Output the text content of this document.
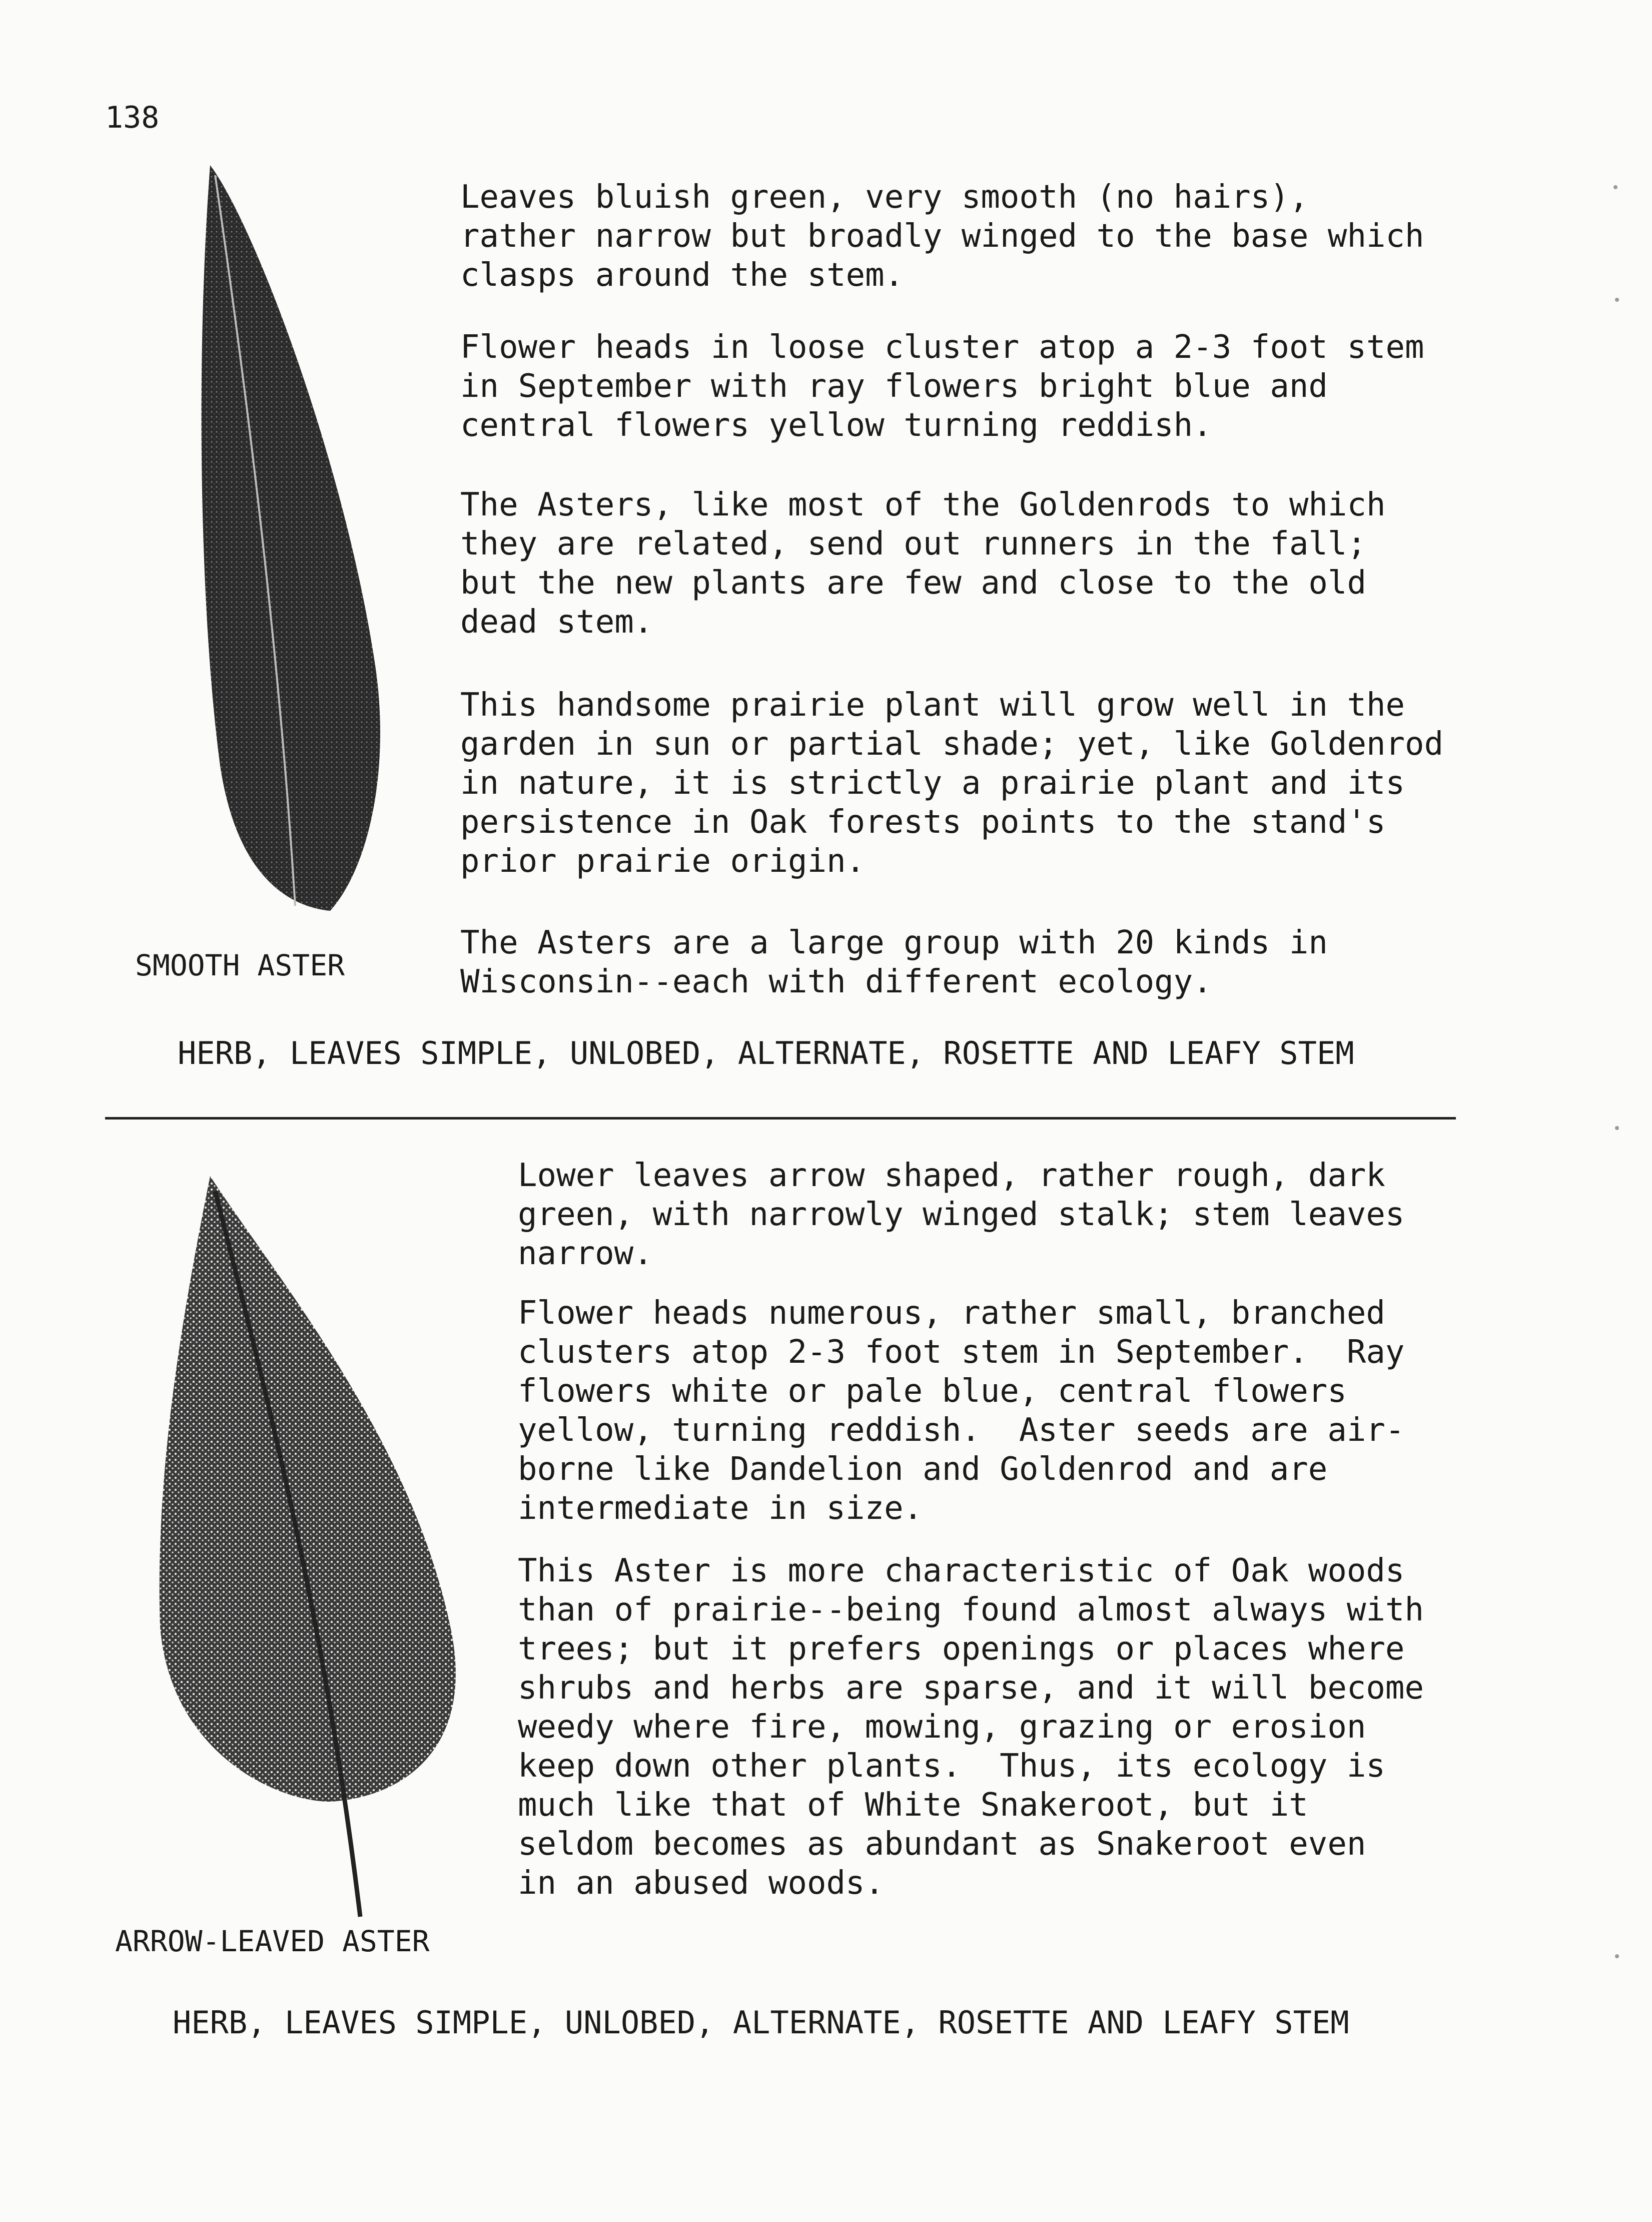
138
Leaves bluish green, very smooth (no hairs),
rather narrow but broadly winged to the base which
clasps around the stem.
Flower heads in loose cluster atop a 2-3 foot stem
in September with ray flowers bright blue and
central flowers yellow turning reddish.
The Asters, like most of the Goldenrods to which
they are related, send out runners in the fall;
but the new plants are few and close to the old
dead stem.
This handsome prairie plant will grow well in the
garden in sun or partial shade; yet, like Goldenrod
in nature, it is strictly a prairie plant and its
persistence in Oak forests points to the stand's
prior prairie origin.
The Asters are a large group with 20 kinds in
Wisconsin--each with different ecology.
SMOOTH ASTER
HERB, LEAVES SIMPLE, UNLOBED, ALTERNATE, ROSETTE AND LEAFY STEM
Lower leaves arrow shaped, rather rough, dark
green, with narrowly winged stalk; stem leaves
narrow.
Flower heads numerous, rather small, branched
clusters atop 2-3 foot stem in September.  Ray
flowers white or pale blue, central flowers
yellow, turning reddish.  Aster seeds are air-
borne like Dandelion and Goldenrod and are
intermediate in size.
This Aster is more characteristic of Oak woods
than of prairie--being found almost always with
trees; but it prefers openings or places where
shrubs and herbs are sparse, and it will become
weedy where fire, mowing, grazing or erosion
keep down other plants.  Thus, its ecology is
much like that of White Snakeroot, but it
seldom becomes as abundant as Snakeroot even
in an abused woods.
ARROW-LEAVED ASTER
HERB, LEAVES SIMPLE, UNLOBED, ALTERNATE, ROSETTE AND LEAFY STEM
